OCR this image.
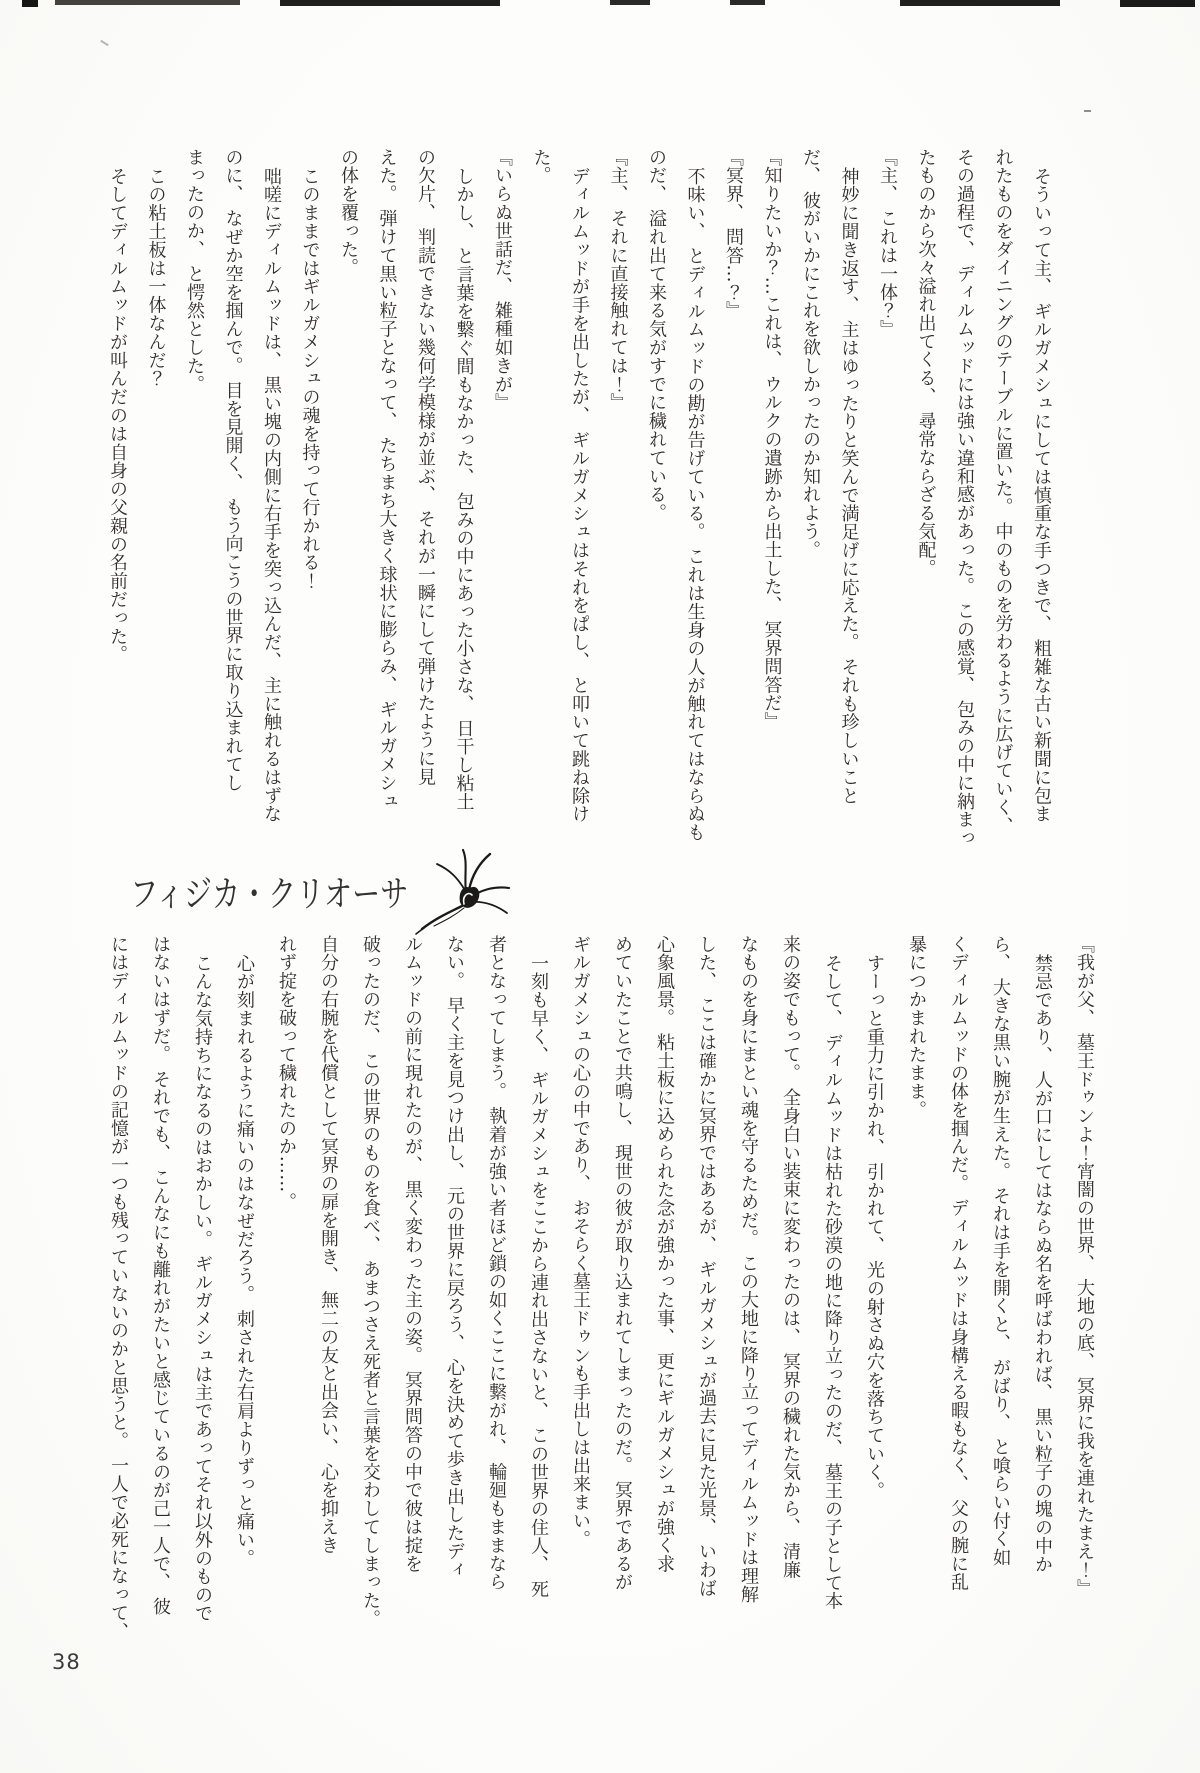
そういって主、 ギルガメシュにしては慎重な手つきで、 粗雑な古い新聞に包ま
れたものをダイニングのテーブルに置いた。 中のものを労わるように広げていく、
その過程で、 ディルムッドには強い違和感があった。 この感覚、 包みの中に納まっ
たものから次々溢れ出てくる、 尋常ならざる気配。
『主、 これは一体？』
神妙に聞き返す、 主はゆったりと笑んで満足げに応えた。 それも珍しいこと
だ、 彼がいかにこれを欲しかったのか知れよう。
『知りたいか？…これは、 ウルクの遺跡から出土した、 冥界問答だ』
『冥界、 問答…？』
不味い、 とディルムッドの勘が告げている。 これは生身の人が触れてはならぬも
のだ、 溢れ出て来る気がすでに穢れている。
『主、 それに直接触れては！』
ディルムッドが手を出したが、 ギルガメシュはそれをぱし、 と叩いて跳ね除け
た。
『いらぬ世話だ、 雑種如きが』
しかし、 と言葉を繋ぐ間もなかった、 包みの中にあった小さな、 日干し粘土
の欠片、 判読できない幾何学模様が並ぶ、 それが一瞬にして弾けたように見
えた。 弾けて黒い粒子となって、 たちまち大きく球状に膨らみ、 ギルガメシュ
の体を覆った。
このままではギルガメシュの魂を持って行かれる！
咄嗟にディルムッドは、 黒い塊の内側に右手を突っ込んだ、 主に触れるはずな
のに、 なぜか空を掴んで。 目を見開く、 もう向こうの世界に取り込まれてし
まったのか、 と愕然とした。
この粘土板は一体なんだ？
そしてディルムッドが叫んだのは自身の父親の名前だった。
フィジカ・クリオーサ
『我が父、 墓王ドゥンよ！宵闇の世界、 大地の底、 冥界に我を連れたまえ！』
禁忌であり、 人が口にしてはならぬ名を呼ばわれば、 黒い粒子の塊の中か
ら、 大きな黒い腕が生えた。 それは手を開くと、 がばり、 と喰らい付く如
くディルムッドの体を掴んだ。 ディルムッドは身構える暇もなく、 父の腕に乱
暴につかまれたまま。
すーっと重力に引かれ、 引かれて、 光の射さぬ穴を落ちていく。
そして、 ディルムッドは枯れた砂漠の地に降り立ったのだ、 墓王の子として本
来の姿でもって。 全身白い装束に変わったのは、 冥界の穢れた気から、 清廉
なものを身にまとい魂を守るためだ。 この大地に降り立ってディルムッドは理解
した、 ここは確かに冥界ではあるが、 ギルガメシュが過去に見た光景、 いわば
心象風景。 粘土板に込められた念が強かった事、 更にギルガメシュが強く求
めていたことで共鳴し、 現世の彼が取り込まれてしまったのだ。 冥界であるが
ギルガメシュの心の中であり、 おそらく墓王ドゥンも手出しは出来まい。
一刻も早く、 ギルガメシュをここから連れ出さないと、 この世界の住人、 死
者となってしまう。 執着が強い者ほど鎖の如くここに繋がれ、 輪廻もままなら
ない。 早く主を見つけ出し、 元の世界に戻ろう、 心を決めて歩き出したディ
ルムッドの前に現れたのが、 黒く変わった主の姿。 冥界問答の中で彼は掟を
破ったのだ、 この世界のものを食べ、 あまつさえ死者と言葉を交わしてしまった。
自分の右腕を代償として冥界の扉を開き、 無二の友と出会い、 心を抑えき
れず掟を破って穢れたのか……。
心が刻まれるように痛いのはなぜだろう。 刺された右肩よりずっと痛い。
こんな気持ちになるのはおかしい。 ギルガメシュは主であってそれ以外のもので
はないはずだ。 それでも、 こんなにも離れがたいと感じているのが己一人で、 彼
にはディルムッドの記憶が一つも残っていないのかと思うと。 一人で必死になって、
38
